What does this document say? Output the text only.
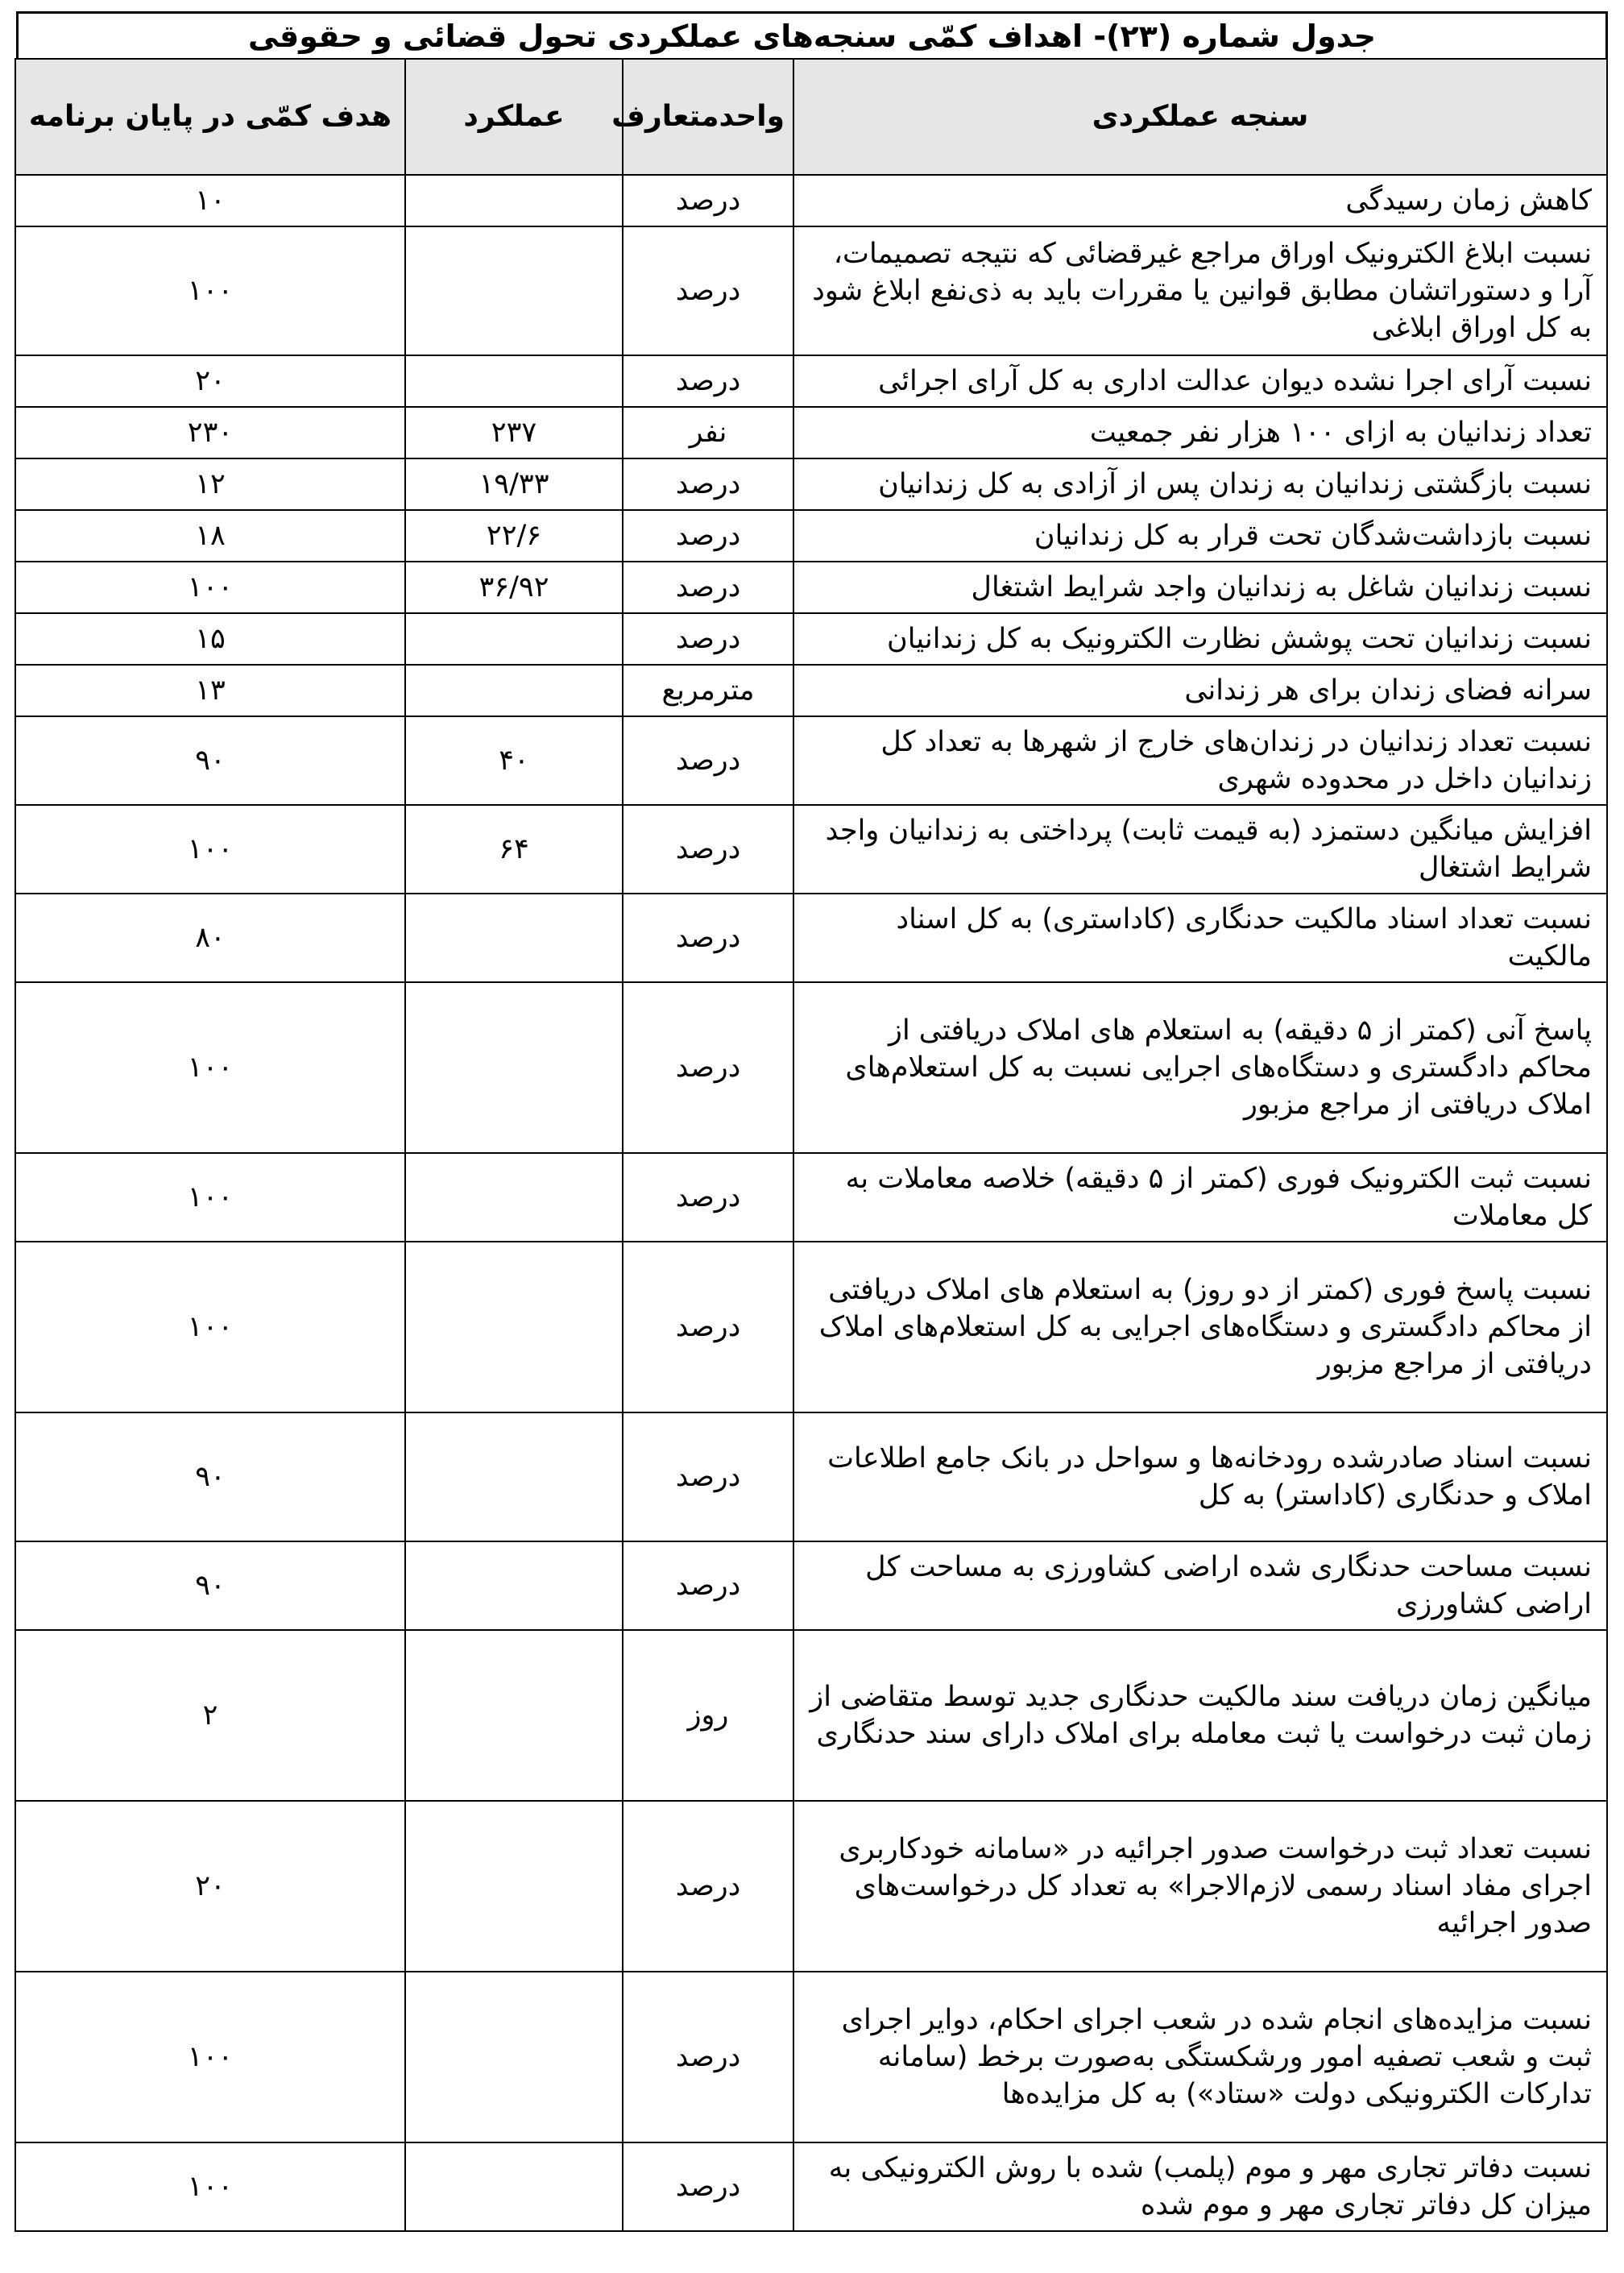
جدول شماره (۲۳)- اهداف کمّی سنجه‌های عملکردی تحول قضائی و حقوقی
سنجه عملکردی	واحدمتعارف	عملکرد	هدف کمّی در پایان برنامه
کاهش زمان رسیدگی	درصد		۱۰
نسبت ابلاغ الکترونیک اوراق مراجع غیرقضائی که نتیجه تصمیمات، آرا و دستوراتشان مطابق قوانین یا مقررات باید به ذی‌نفع ابلاغ شود به کل اوراق ابلاغی	درصد		۱۰۰
نسبت آرای اجرا نشده دیوان عدالت اداری به کل آرای اجرائی	درصد		۲۰
تعداد زندانیان به ازای ۱۰۰ هزار نفر جمعیت	نفر	۲۳۷	۲۳۰
نسبت بازگشتی زندانیان به زندان پس از آزادی به کل زندانیان	درصد	۱۹/۳۳	۱۲
نسبت بازداشت‌شدگان تحت قرار به کل زندانیان	درصد	۲۲/۶	۱۸
نسبت زندانیان شاغل به زندانیان واجد شرایط اشتغال	درصد	۳۶/۹۲	۱۰۰
نسبت زندانیان تحت پوشش نظارت الکترونیک به کل زندانیان	درصد		۱۵
سرانه فضای زندان برای هر زندانی	مترمربع		۱۳
نسبت تعداد زندانیان در زندان‌های خارج از شهرها به تعداد کل زندانیان داخل در محدوده شهری	درصد	۴۰	۹۰
افزایش میانگین دستمزد (به قیمت ثابت) پرداختی به زندانیان واجد شرایط اشتغال	درصد	۶۴	۱۰۰
نسبت تعداد اسناد مالکیت حدنگاری (کاداستری) به کل اسناد مالکیت	درصد		۸۰
پاسخ آنی (کمتر از ۵ دقیقه) به استعلام های املاک دریافتی از محاکم دادگستری و دستگاه‌های اجرایی نسبت به کل استعلام‌های املاک دریافتی از مراجع مزبور	درصد		۱۰۰
نسبت ثبت الکترونیک فوری (کمتر از ۵ دقیقه) خلاصه معاملات به کل معاملات	درصد		۱۰۰
نسبت پاسخ فوری (کمتر از دو روز) به استعلام های املاک دریافتی از محاکم دادگستری و دستگاه‌های اجرایی به کل استعلام‌های املاک دریافتی از مراجع مزبور	درصد		۱۰۰
نسبت اسناد صادرشده رودخانه‌ها و سواحل در بانک جامع اطلاعات املاک و حدنگاری (کاداستر) به کل	درصد		۹۰
نسبت مساحت حدنگاری شده اراضی کشاورزی به مساحت کل اراضی کشاورزی	درصد		۹۰
میانگین زمان دریافت سند مالکیت حدنگاری جدید توسط متقاضی از زمان ثبت درخواست یا ثبت معامله برای املاک دارای سند حدنگاری	روز		۲
نسبت تعداد ثبت درخواست صدور اجرائیه در «سامانه خودکاربری اجرای مفاد اسناد رسمی لازم‌الاجرا» به تعداد کل درخواست‌های صدور اجرائیه	درصد		۲۰
نسبت مزایده‌های انجام شده در شعب اجرای احکام، دوایر اجرای ثبت و شعب تصفیه امور ورشکستگی به‌صورت برخط (سامانه تدارکات الکترونیکی دولت «ستاد») به کل مزایده‌ها	درصد		۱۰۰
نسبت دفاتر تجاری مهر و موم (پلمب) شده با روش الکترونیکی به میزان کل دفاتر تجاری مهر و موم شده	درصد		۱۰۰
